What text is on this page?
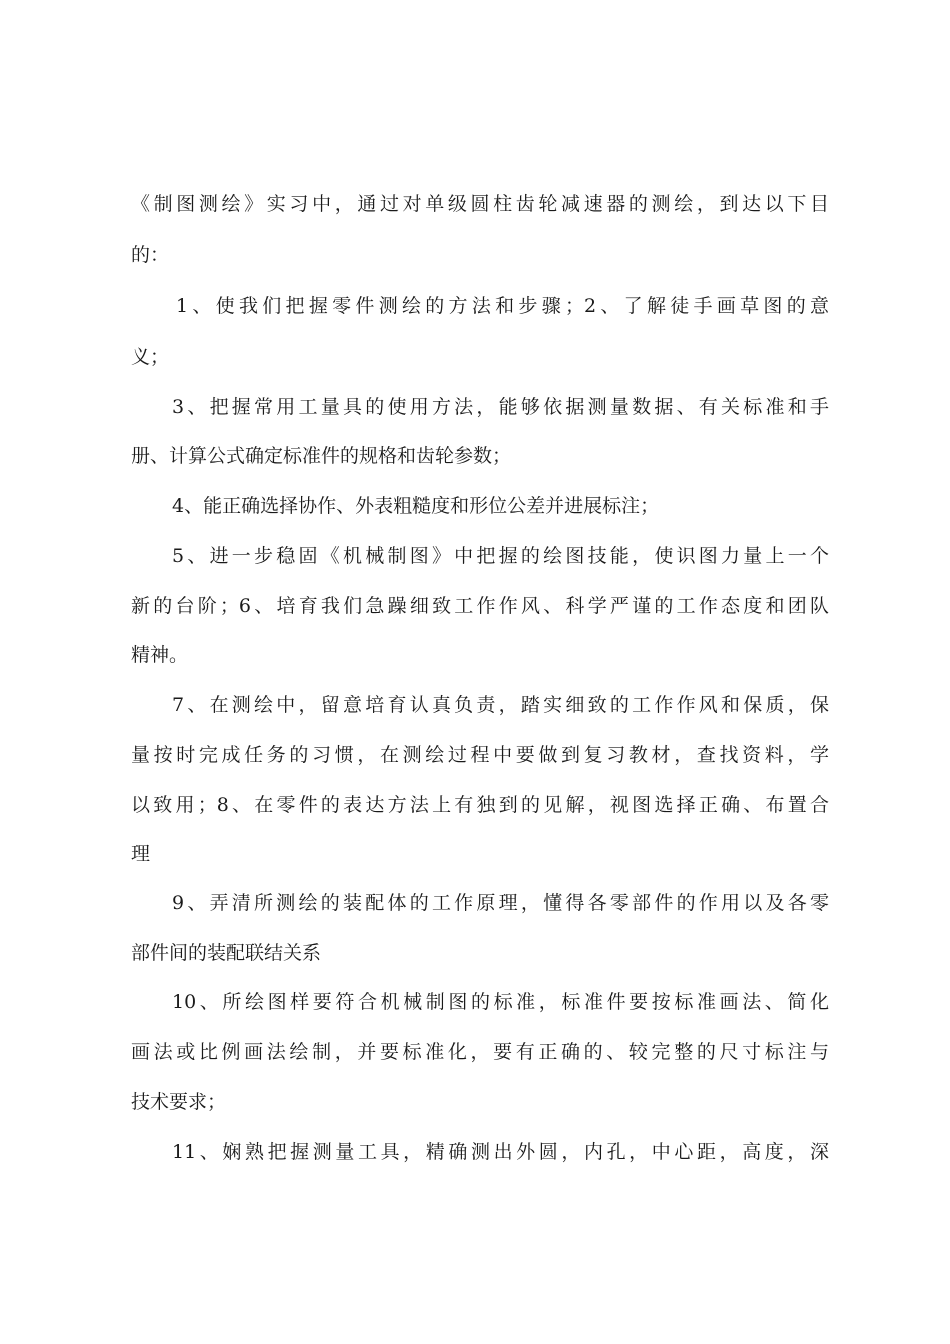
《制图测绘》实习中，通过对单级圆柱齿轮减速器的测绘，到达以下目
的：
1、使我们把握零件测绘的方法和步骤；2、了解徒手画草图的意
义；
3、把握常用工量具的使用方法，能够依据测量数据、有关标准和手
册、计算公式确定标准件的规格和齿轮参数；
4、能正确选择协作、外表粗糙度和形位公差并进展标注；
5、进一步稳固《机械制图》中把握的绘图技能，使识图力量上一个
新的台阶；6、培育我们急躁细致工作作风、科学严谨的工作态度和团队
精神。
7、在测绘中，留意培育认真负责，踏实细致的工作作风和保质，保
量按时完成任务的习惯，在测绘过程中要做到复习教材，查找资料，学
以致用；8、在零件的表达方法上有独到的见解，视图选择正确、布置合
理
9、弄清所测绘的装配体的工作原理，懂得各零部件的作用以及各零
部件间的装配联结关系
10、所绘图样要符合机械制图的标准，标准件要按标准画法、简化
画法或比例画法绘制，并要标准化，要有正确的、较完整的尺寸标注与
技术要求；
11、娴熟把握测量工具，精确测出外圆，内孔，中心距，高度，深
